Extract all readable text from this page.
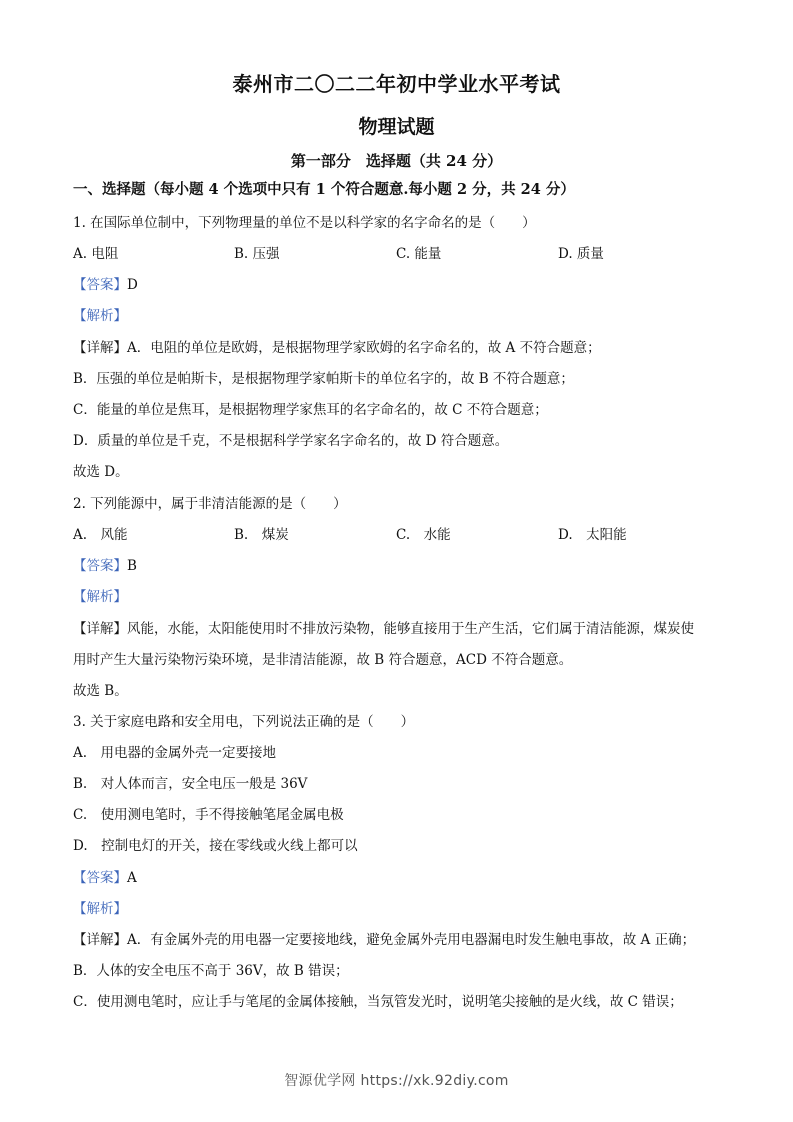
泰州市二〇二二年初中学业水平考试
物理试题
第一部分　选择题（共 24 分）
一、选择题（每小题 4 个选项中只有 1 个符合题意.每小题 2 分，共 24 分）
1. 在国际单位制中，下列物理量的单位不是以科学家的名字命名的是（　　）
A. 电阻	B. 压强	C. 能量	D. 质量
【答案】D
【解析】
【详解】A．电阻的单位是欧姆，是根据物理学家欧姆的名字命名的，故 A 不符合题意；
B．压强的单位是帕斯卡，是根据物理学家帕斯卡的单位名字的，故 B 不符合题意；
C．能量的单位是焦耳，是根据物理学家焦耳的名字命名的，故 C 不符合题意；
D．质量的单位是千克，不是根据科学学家名字命名的，故 D 符合题意。
故选 D。
2. 下列能源中，属于非清洁能源的是（　　）
A.　风能	B.　煤炭	C.　水能	D.　太阳能
【答案】B
【解析】
【详解】风能，水能，太阳能使用时不排放污染物，能够直接用于生产生活，它们属于清洁能源，煤炭使
用时产生大量污染物污染环境，是非清洁能源，故 B 符合题意，ACD 不符合题意。
故选 B。
3. 关于家庭电路和安全用电，下列说法正确的是（　　）
A.　用电器的金属外壳一定要接地
B.　对人体而言，安全电压一般是 36V
C.　使用测电笔时，手不得接触笔尾金属电极
D.　控制电灯的开关，接在零线或火线上都可以
【答案】A
【解析】
【详解】A．有金属外壳的用电器一定要接地线，避免金属外壳用电器漏电时发生触电事故，故 A 正确；
B．人体的安全电压不高于 36V，故 B 错误；
C．使用测电笔时，应让手与笔尾的金属体接触，当氖管发光时，说明笔尖接触的是火线，故 C 错误；
智源优学网 https://xk.92diy.com
